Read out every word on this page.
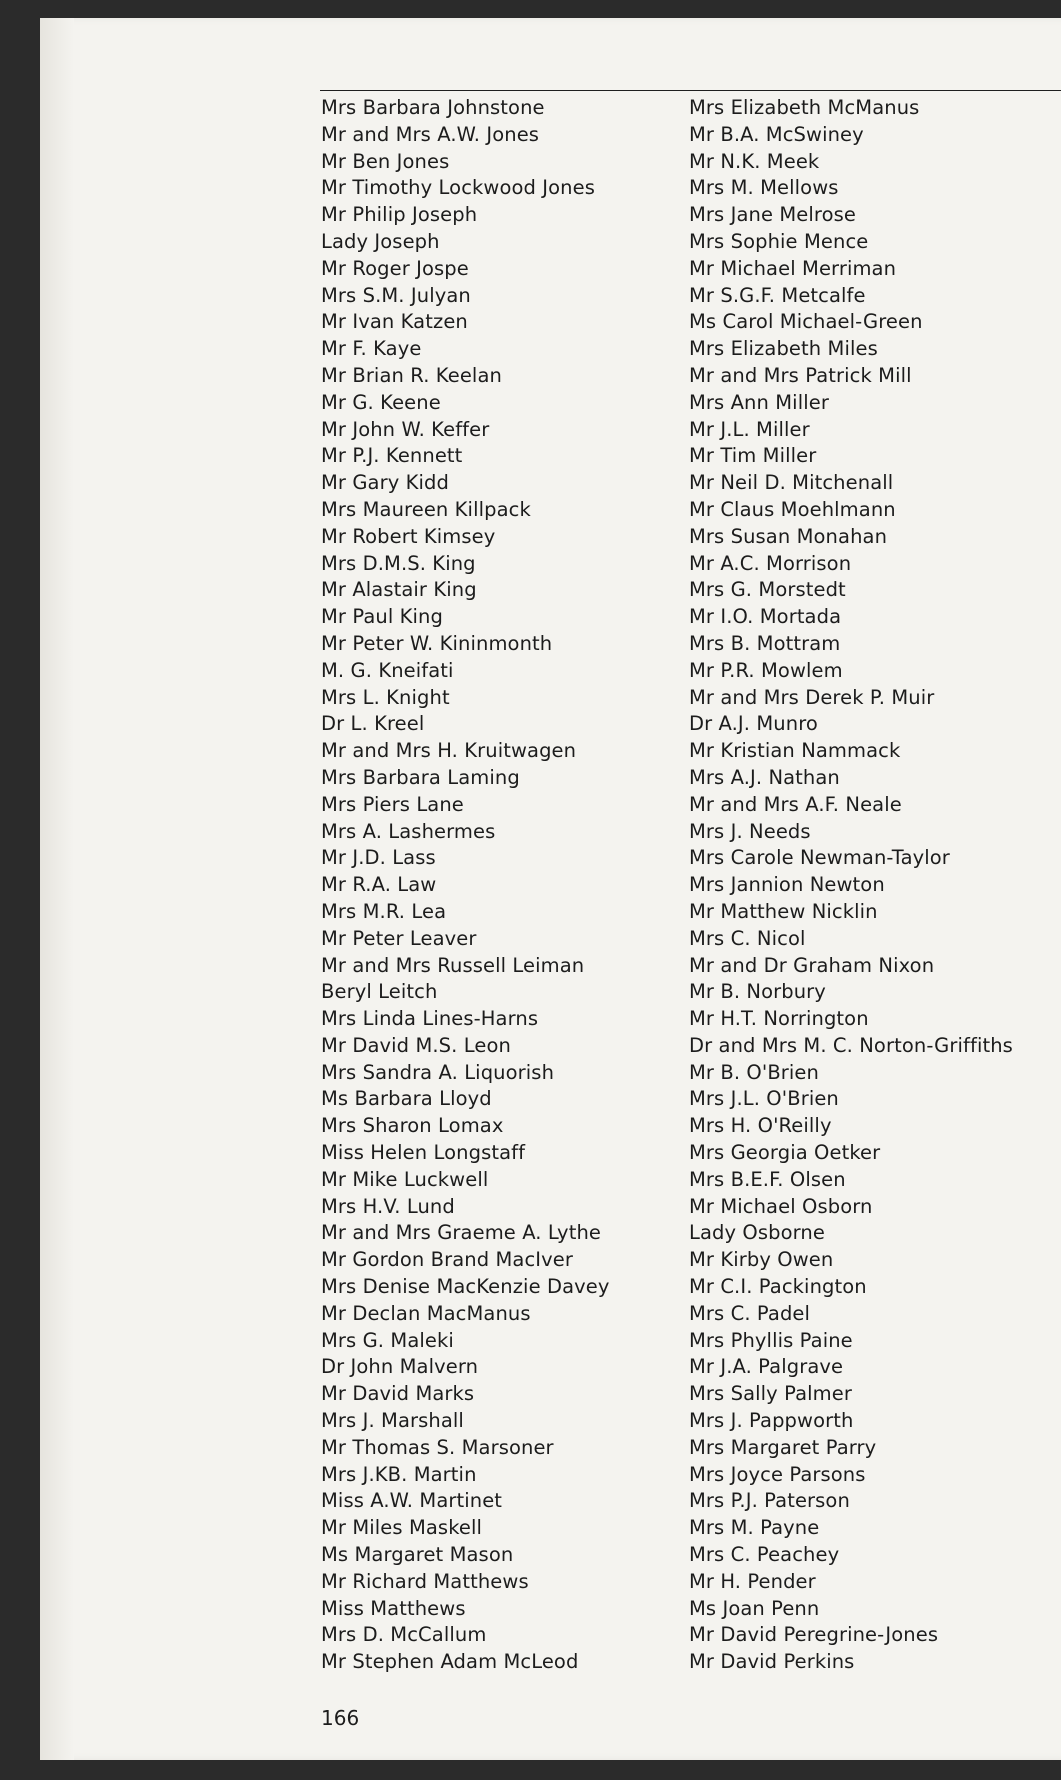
Mrs Barbara Johnstone
Mr and Mrs A.W. Jones
Mr Ben Jones
Mr Timothy Lockwood Jones
Mr Philip Joseph
Lady Joseph
Mr Roger Jospe
Mrs S.M. Julyan
Mr Ivan Katzen
Mr F. Kaye
Mr Brian R. Keelan
Mr G. Keene
Mr John W. Keffer
Mr P.J. Kennett
Mr Gary Kidd
Mrs Maureen Killpack
Mr Robert Kimsey
Mrs D.M.S. King
Mr Alastair King
Mr Paul King
Mr Peter W. Kininmonth
M. G. Kneifati
Mrs L. Knight
Dr L. Kreel
Mr and Mrs H. Kruitwagen
Mrs Barbara Laming
Mrs Piers Lane
Mrs A. Lashermes
Mr J.D. Lass
Mr R.A. Law
Mrs M.R. Lea
Mr Peter Leaver
Mr and Mrs Russell Leiman
Beryl Leitch
Mrs Linda Lines-Harns
Mr David M.S. Leon
Mrs Sandra A. Liquorish
Ms Barbara Lloyd
Mrs Sharon Lomax
Miss Helen Longstaff
Mr Mike Luckwell
Mrs H.V. Lund
Mr and Mrs Graeme A. Lythe
Mr Gordon Brand MacIver
Mrs Denise MacKenzie Davey
Mr Declan MacManus
Mrs G. Maleki
Dr John Malvern
Mr David Marks
Mrs J. Marshall
Mr Thomas S. Marsoner
Mrs J.KB. Martin
Miss A.W. Martinet
Mr Miles Maskell
Ms Margaret Mason
Mr Richard Matthews
Miss Matthews
Mrs D. McCallum
Mr Stephen Adam McLeod
Mrs Elizabeth McManus
Mr B.A. McSwiney
Mr N.K. Meek
Mrs M. Mellows
Mrs Jane Melrose
Mrs Sophie Mence
Mr Michael Merriman
Mr S.G.F. Metcalfe
Ms Carol Michael-Green
Mrs Elizabeth Miles
Mr and Mrs Patrick Mill
Mrs Ann Miller
Mr J.L. Miller
Mr Tim Miller
Mr Neil D. Mitchenall
Mr Claus Moehlmann
Mrs Susan Monahan
Mr A.C. Morrison
Mrs G. Morstedt
Mr I.O. Mortada
Mrs B. Mottram
Mr P.R. Mowlem
Mr and Mrs Derek P. Muir
Dr A.J. Munro
Mr Kristian Nammack
Mrs A.J. Nathan
Mr and Mrs A.F. Neale
Mrs J. Needs
Mrs Carole Newman-Taylor
Mrs Jannion Newton
Mr Matthew Nicklin
Mrs C. Nicol
Mr and Dr Graham Nixon
Mr B. Norbury
Mr H.T. Norrington
Dr and Mrs M. C. Norton-Griffiths
Mr B. O'Brien
Mrs J.L. O'Brien
Mrs H. O'Reilly
Mrs Georgia Oetker
Mrs B.E.F. Olsen
Mr Michael Osborn
Lady Osborne
Mr Kirby Owen
Mr C.I. Packington
Mrs C. Padel
Mrs Phyllis Paine
Mr J.A. Palgrave
Mrs Sally Palmer
Mrs J. Pappworth
Mrs Margaret Parry
Mrs Joyce Parsons
Mrs P.J. Paterson
Mrs M. Payne
Mrs C. Peachey
Mr H. Pender
Ms Joan Penn
Mr David Peregrine-Jones
Mr David Perkins
166
